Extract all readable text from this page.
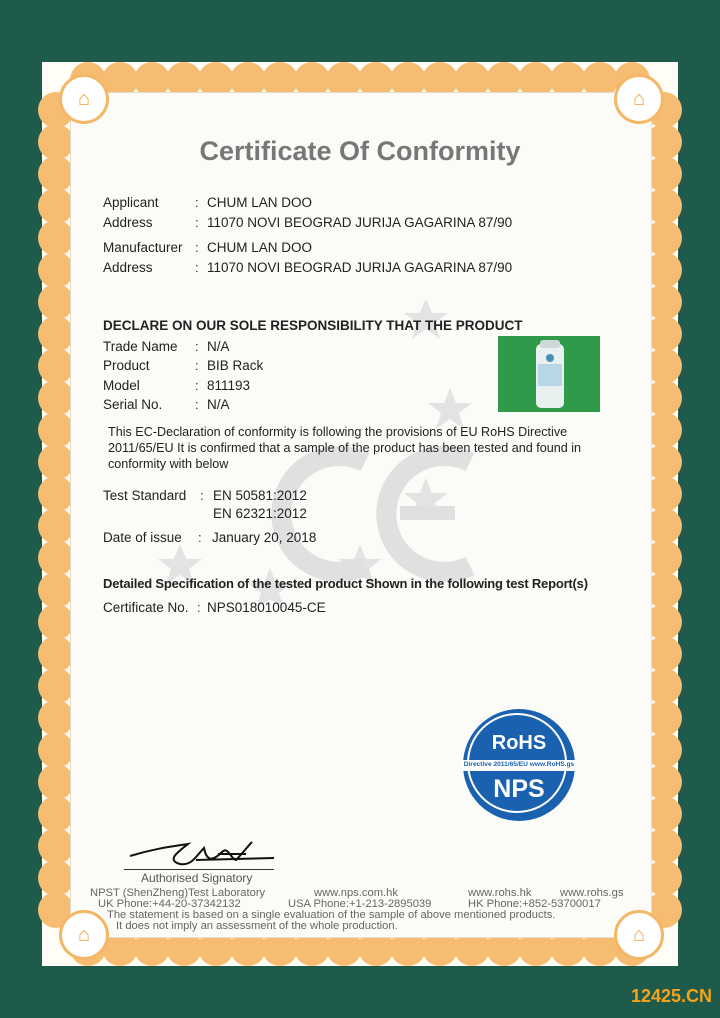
⌂	⌂
⌂	⌂
Certificate Of Conformity
Applicant	: CHUM LAN DOO
Address	: 11070 NOVI BEOGRAD JURIJA GAGARINA 87/90
Manufacturer : CHUM LAN DOO
Address	: 11070 NOVI BEOGRAD JURIJA GAGARINA 87/90
DECLARE ON OUR SOLE RESPONSIBILITY THAT THE PRODUCT
Trade Name : N/A
Product	: BIB Rack
Model	: 811193
Serial No.	: N/A
This EC-Declaration of conformity is following the provisions of EU RoHS Directive 2011/65/EU It is confirmed that a sample of the product has been tested and found in conformity with below
Test Standard : EN 50581:2012
EN 62321:2012
Date of issue : January 20, 2018
Detailed Specification of the tested product Shown in the following test Report(s)
Certificate No. : NPS018010045-CE
RoHS
Directive 2011/65/EU www.RoHS.gs
NPS
Authorised Signatory
NPST (ShenZheng)Test Laboratory	www.nps.com.hk	www.rohs.hk	www.rohs.gs
UK Phone:+44-20-37342132	USA Phone:+1-213-2895039	HK Phone:+852-53700017
The statement is based on a single evaluation of the sample of above mentioned products.
It does not imply an assessment of the whole production.
12425.CN
